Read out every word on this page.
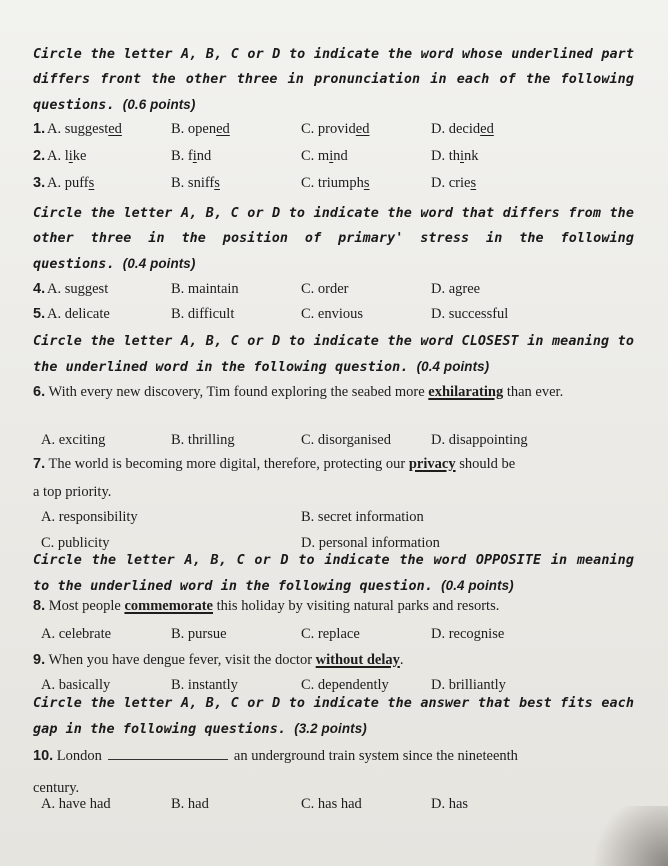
Circle the letter A, B, C or D to indicate the word whose underlined part differs front the other three in pronunciation in each of the following questions. (0.6 points)
1. A. suggested	B. opened	C. provided	D. decided
2. A. like	B. find	C. mind	D. think
3. A. puffs	B. sniffs	C. triumphs	D. cries
Circle the letter A, B, C or D to indicate the word that differs from the other three in the position of primary' stress in the following questions. (0.4 points)
4. A. suggest	B. maintain	C. order	D. agree
5. A. delicate	B. difficult	C. envious	D. successful
Circle the letter A, B, C or D to indicate the word CLOSEST in meaning to the underlined word in the following question. (0.4 points)
6. With every new discovery, Tim found exploring the seabed more exhilarating than ever.
A. exciting	B. thrilling	C. disorganised	D. disappointing
7. The world is becoming more digital, therefore, protecting our privacy should be
a top priority.
A. responsibility	B. secret information
C. publicity	D. personal information
Circle the letter A, B, C or D to indicate the word OPPOSITE in meaning to the underlined word in the following question. (0.4 points)
8. Most people commemorate this holiday by visiting natural parks and resorts.
A. celebrate	B. pursue	C. replace	D. recognise
9. When you have dengue fever, visit the doctor without delay.
A. basically	B. instantly	C. dependently	D. brilliantly
Circle the letter A, B, C or D to indicate the answer that best fits each gap in the following questions. (3.2 points)
10. London	an underground train system since the nineteenth
century.
A. have had	B. had	C. has had	D. has
